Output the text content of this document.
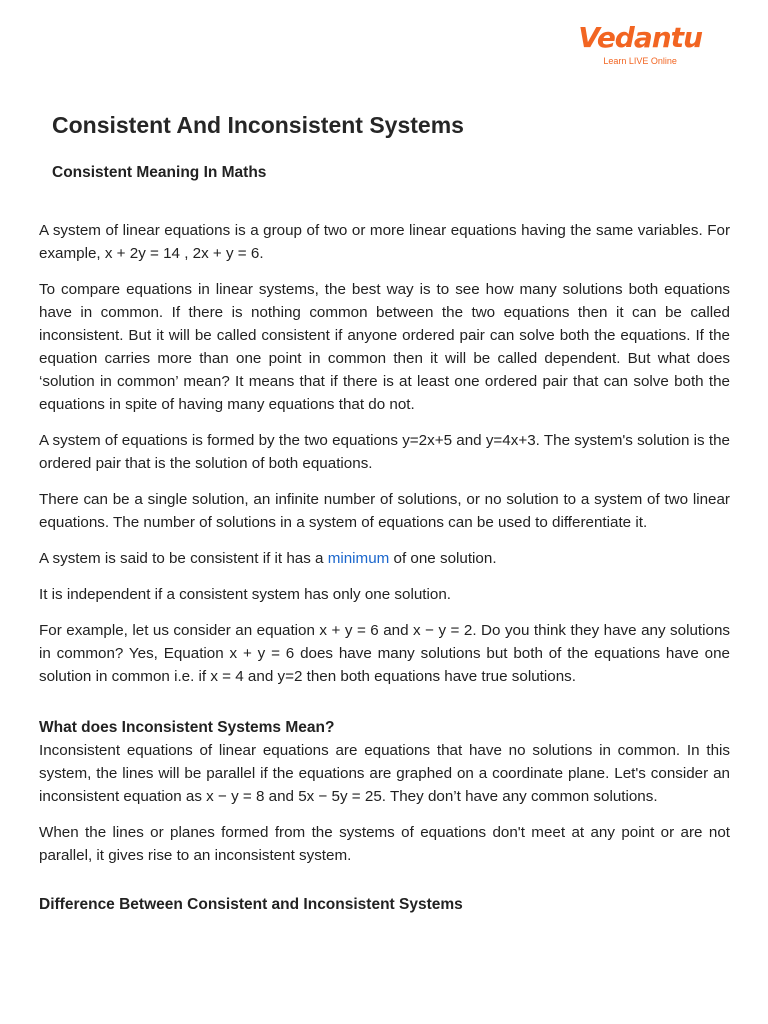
Vedantu
Learn LIVE Online
Consistent And Inconsistent Systems
Consistent Meaning In Maths

A system of linear equations is a group of two or more linear equations having the same variables. For example, x + 2y = 14 , 2x + y = 6.

To compare equations in linear systems, the best way is to see how many solutions both equations have in common. If there is nothing common between the two equations then it can be called inconsistent. But it will be called consistent if anyone ordered pair can solve both the equations. If the equation carries more than one point in common then it will be called dependent. But what does ‘solution in common’ mean? It means that if there is at least one ordered pair that can solve both the equations in spite of having many equations that do not.

A system of equations is formed by the two equations y=2x+5 and y=4x+3. The system's solution is the ordered pair that is the solution of both equations.

There can be a single solution, an infinite number of solutions, or no solution to a system of two linear equations. The number of solutions in a system of equations can be used to differentiate it.

A system is said to be consistent if it has a minimum of one solution.

It is independent if a consistent system has only one solution.

For example, let us consider an equation x + y = 6 and x − y = 2. Do you think they have any solutions in common? Yes, Equation x + y = 6 does have many solutions but both of the equations have one solution in common i.e. if x = 4 and y=2 then both equations have true solutions.

What does Inconsistent Systems Mean?

Inconsistent equations of linear equations are equations that have no solutions in common. In this system, the lines will be parallel if the equations are graphed on a coordinate plane. Let's consider an inconsistent equation as x − y = 8 and 5x − 5y = 25. They don’t have any common solutions.

When the lines or planes formed from the systems of equations don't meet at any point or are not parallel, it gives rise to an inconsistent system.

Difference Between Consistent and Inconsistent Systems
